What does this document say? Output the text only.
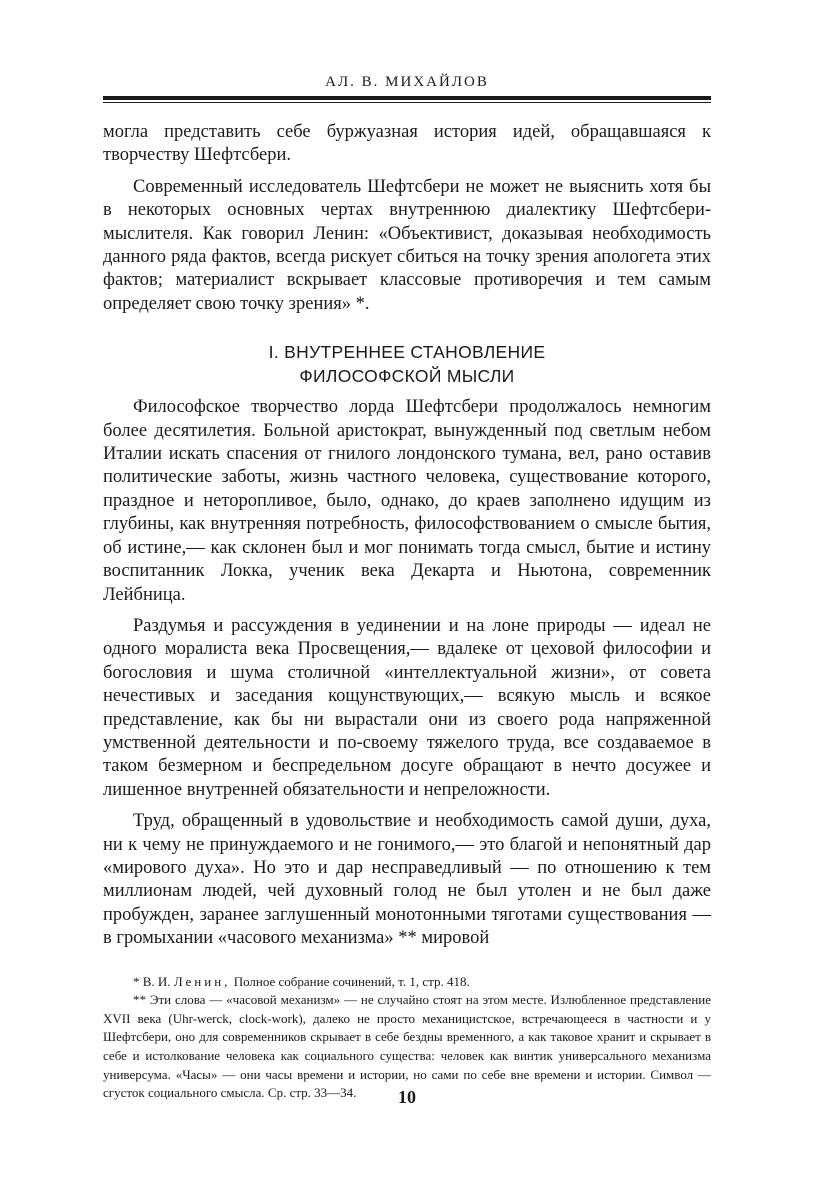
АЛ. В. МИХАЙЛОВ

могла представить себе буржуазная история идей, обращавшаяся к творчеству Шефтсбери.

Современный исследователь Шефтсбери не может не выяснить хотя бы в некоторых основных чертах внутреннюю диалектику Шефтсбери-мыслителя. Как говорил Ленин: «Объективист, доказывая необходимость данного ряда фактов, всегда рискует сбиться на точку зрения апологета этих фактов; материалист вскрывает классовые противоречия и тем самым определяет свою точку зрения» *.

I. ВНУТРЕННЕЕ СТАНОВЛЕНИЕ
ФИЛОСОФСКОЙ МЫСЛИ

Философское творчество лорда Шефтсбери продолжалось немногим более десятилетия. Больной аристократ, вынужденный под светлым небом Италии искать спасения от гнилого лондонского тумана, вел, рано оставив политические заботы, жизнь частного человека, существование которого, праздное и неторопливое, было, однако, до краев заполнено идущим из глубины, как внутренняя потребность, философствованием о смысле бытия, об истине,— как склонен был и мог понимать тогда смысл, бытие и истину воспитанник Локка, ученик века Декарта и Ньютона, современник Лейбница.

Раздумья и рассуждения в уединении и на лоне природы — идеал не одного моралиста века Просвещения,— вдалеке от цеховой философии и богословия и шума столичной «интеллектуальной жизни», от совета нечестивых и заседания кощунствующих,— всякую мысль и всякое представление, как бы ни вырастали они из своего рода напряженной умственной деятельности и по-своему тяжелого труда, все создаваемое в таком безмерном и беспредельном досуге обращают в нечто досужее и лишенное внутренней обязательности и непреложности.

Труд, обращенный в удовольствие и необходимость самой души, духа, ни к чему не принуждаемого и не гонимого,— это благой и непонятный дар «мирового духа». Но это и дар несправедливый — по отношению к тем миллионам людей, чей духовный голод не был утолен и не был даже пробужден, заранее заглушенный монотонными тяготами существования — в громыхании «часового механизма» ** мировой

* В. И. Ленин, Полное собрание сочинений, т. 1, стр. 418.

** Эти слова — «часовой механизм» — не случайно стоят на этом месте. Излюбленное представление XVII века (Uhr-werck, clock-work), далеко не просто механицистское, встречающееся в частности и у Шефтсбери, оно для современников скрывает в себе бездны временного, а как таковое хранит и скрывает в себе и истолкование человека как социального существа: человек как винтик универсального механизма универсума. «Часы» — они часы времени и истории, но сами по себе вне времени и истории. Символ — сгусток социального смысла. Ср. стр. 33—34.	10
